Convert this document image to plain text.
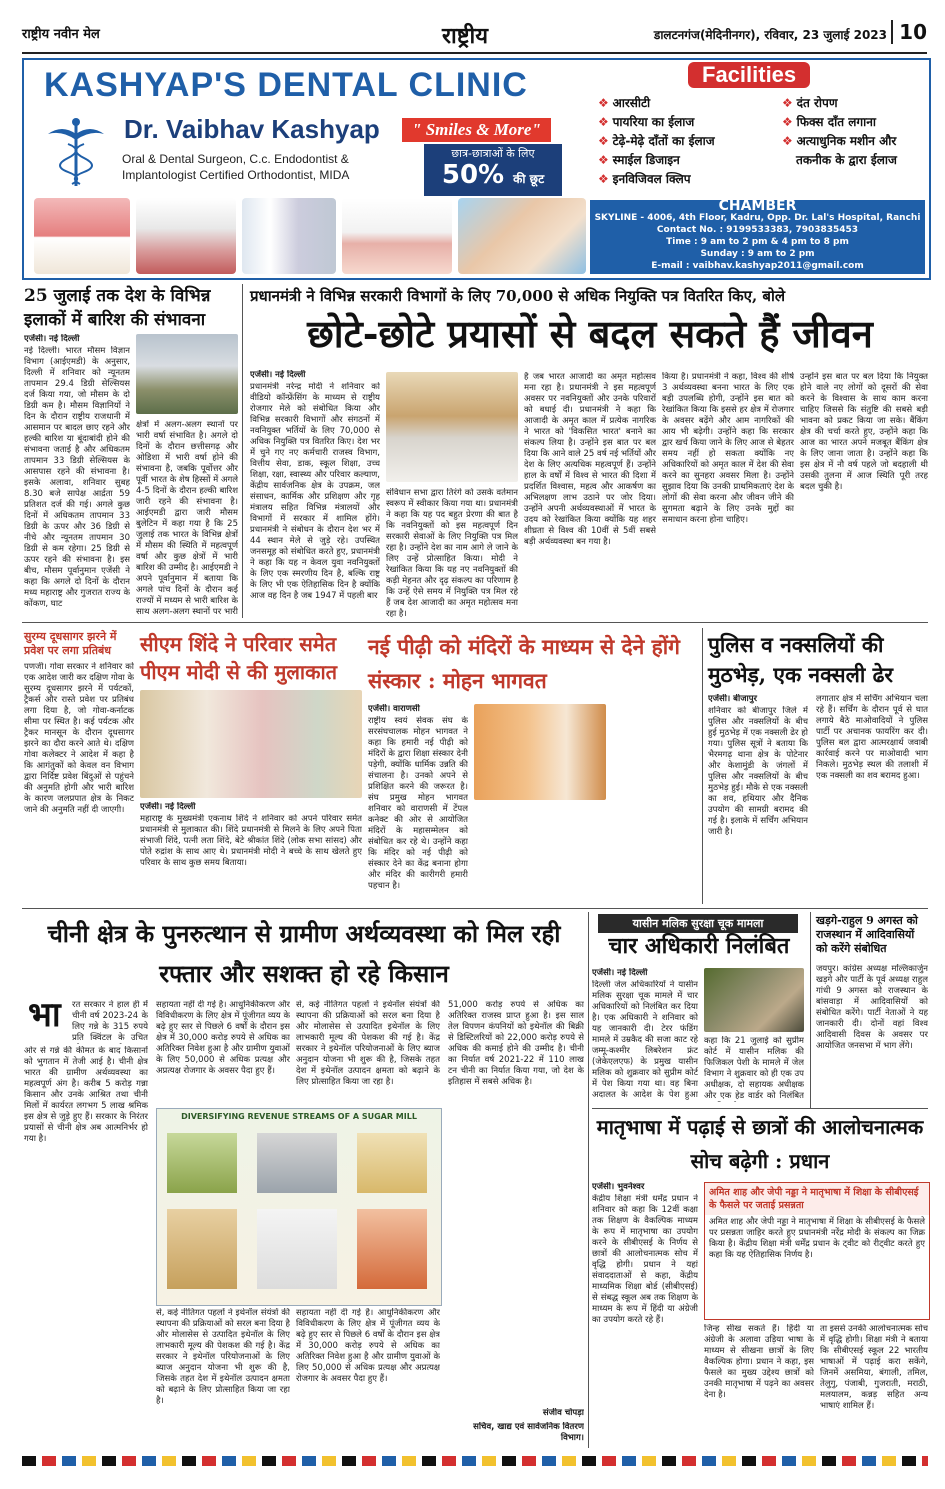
राष्ट्रीय नवीन मेल	राष्ट्रीय	डालटनगंज(मेदिनीनगर), रविवार, 23 जुलाई 2023 10
KASHYAP'S DENTAL CLINIC
Dr. Vaibhav Kashyap
Oral & Dental Surgeon, C.c. Endodontist &
Implantologist Certified Orthodontist, MIDA
" Smiles & More"
छात्र-छात्राओं के लिए
50% की छूट
Facilities
❖ आरसीटी
❖ पायरिया का ईलाज
❖ टेढ़े-मेढ़े दाँतों का ईलाज
❖ स्माईल डिजाइन
❖ इनविजिवल क्लिप
❖ दंत रोपण
❖ फिक्स दाँत लगाना
❖ अत्याधुनिक मशीन और
तकनीक के द्वारा ईलाज
CHAMBER
SKYLINE - 4006, 4th Floor, Kadru, Opp. Dr. Lal's Hospital, Ranchi
Contact No. : 9199533383, 7903835453
Time : 9 am to 2 pm & 4 pm to 8 pm
Sunday : 9 am to 2 pm
E-mail : vaibhav.kashyap2011@gmail.com
25 जुलाई तक देश के विभिन्न इलाकों में बारिश की संभावना
एजेंसी। नई दिल्ली
नई दिल्ली। भारत मौसम विज्ञान विभाग (आईएमडी) के अनुसार, दिल्ली में शनिवार को न्यूनतम तापमान 29.4 डिग्री सेल्सियस दर्ज किया गया, जो मौसम के दो डिग्री कम है। मौसम विज्ञानियों ने दिन के दौरान राष्ट्रीय राजधानी में आसमान पर बादल छाए रहने और हल्की बारिश या बूंदाबांदी होने की संभावना जताई है और अधिकतम तापमान 33 डिग्री सेल्सियस के आसपास रहने की संभावना है। इसके अलावा, शनिवार सुबह 8.30 बजे सापेक्ष आर्द्रता 59 प्रतिशत दर्ज की गई। अगले कुछ दिनों में अधिकतम तापमान 33 डिग्री के ऊपर और 36 डिग्री से नीचे और न्यूनतम तापमान 30 डिग्री से कम रहेगा। 25 डिग्री से ऊपर रहने की संभावना है। इस बीच, मौसम पूर्वानुमान एजेंसी ने कहा कि अगले दो दिनों के दौरान मध्य महाराष्ट्र और गुजरात राज्य के कोंकण, घाट
क्षेत्रों में अलग-अलग स्थानों पर भारी वर्षा संभावित है। अगले दो दिनों के दौरान छत्तीसगढ़ और ओडिशा में भारी वर्षा होने की संभावना है, जबकि पूर्वोत्तर और पूर्वी भारत के शेष हिस्सों में अगले 4-5 दिनों के दौरान हल्की बारिश जारी रहने की संभावना है। आईएमडी द्वारा जारी मौसम बुलेटिन में कहा गया है कि 25 जुलाई तक भारत के विभिन्न क्षेत्रों में मौसम की स्थिति में महत्वपूर्ण वर्षा और कुछ क्षेत्रों में भारी बारिश की उम्मीद है। आईएमडी ने अपने पूर्वानुमान में बताया कि अगले पांच दिनों के दौरान कई राज्यों में मध्यम से भारी बारिश के साथ अलग-अलग स्थानों पर भारी
प्रधानमंत्री ने विभिन्न सरकारी विभागों के लिए 70,000 से अधिक नियुक्ति पत्र वितरित किए, बोले
छोटे-छोटे प्रयासों से बदल सकते हैं जीवन
एजेंसी। नई दिल्ली
प्रधानमंत्री नरेन्द्र मोदी ने शनिवार को वीडियो कॉन्फ्रेंसिंग के माध्यम से राष्ट्रीय रोजगार मेले को संबोधित किया और विभिन्न सरकारी विभागों और संगठनों में नवनियुक्त भर्तियों के लिए 70,000 से अधिक नियुक्ति पत्र वितरित किए। देश भर में चुने गए नए कर्मचारी राजस्व विभाग, वित्तीय सेवा, डाक, स्कूल शिक्षा, उच्च शिक्षा, रक्षा, स्वास्थ्य और परिवार कल्याण, केंद्रीय सार्वजनिक क्षेत्र के उपक्रम, जल संसाधन, कार्मिक और प्रशिक्षण और गृह मंत्रालय सहित विभिन्न मंत्रालयों और विभागों में सरकार में शामिल होंगे। प्रधानमंत्री ने संबोधन के दौरान देश भर में 44 स्थान मेले से जुड़े रहे। उपस्थित जनसमूह को संबोधित करते हुए, प्रधानमंत्री ने कहा कि यह न केवल युवा नवनियुक्तों के लिए एक स्मरणीय दिन है, बल्कि राष्ट्र के लिए भी एक ऐतिहासिक दिन है क्योंकि आज वह दिन है जब 1947 में पहली बार
संविधान सभा द्वारा तिरंगे को उसके वर्तमान स्वरूप में स्वीकार किया गया था। प्रधानमंत्री ने कहा कि यह पद बहुत प्रेरणा की बात है कि नवनियुक्तों को इस महत्वपूर्ण दिन सरकारी सेवाओं के लिए नियुक्ति पत्र मिल रहा है। उन्होंने देश का नाम आगे ले जाने के लिए उन्हें प्रोत्साहित किया। मोदी ने रेखांकित किया कि यह नए नवनियुक्तों की कड़ी मेहनत और दृढ़ संकल्प का परिणाम है कि उन्हें ऐसे समय में नियुक्ति पत्र मिल रहे हैं जब देश आजादी का अमृत महोत्सव मना रहा है।
है जब भारत आजादी का अमृत महोत्सव मना रहा है। प्रधानमंत्री ने इस महत्वपूर्ण अवसर पर नवनियुक्तों और उनके परिवारों को बधाई दी। प्रधानमंत्री ने कहा कि आजादी के अमृत काल में प्रत्येक नागरिक ने भारत को 'विकसित भारत' बनाने का संकल्प लिया है। उन्होंने इस बात पर बल दिया कि आने वाले 25 वर्ष नई भर्तियों और देश के लिए अत्यधिक महत्वपूर्ण हैं। उन्होंने हाल के वर्षों में विश्व से भारत की दिशा में प्रदर्शित विश्वास, महत्व और आकर्षण का अभिलक्षण लाभ उठाने पर जोर दिया। उन्होंने अपनी अर्थव्यवस्थाओं में भारत के उदय को रेखांकित किया क्योंकि यह शहर शीघ्रता से विश्व की 10वीं से 5वीं सबसे बड़ी अर्थव्यवस्था बन गया है।
किया है। प्रधानमंत्री ने कहा, विश्व की शीर्ष 3 अर्थव्यवस्था बनना भारत के लिए एक बड़ी उपलब्धि होगी, उन्होंने इस बात को रेखांकित किया कि इससे हर क्षेत्र में रोजगार के अवसर बढ़ेंगे और आम नागरिकों की आय भी बढ़ेगी। उन्होंने कहा कि सरकार द्वार खर्च किया जाने के लिए आज से बेहतर समय नहीं हो सकता क्योंकि नए अधिकारियों को अमृत काल में देश की सेवा करने का सुनहरा अवसर मिला है। उन्होंने सुझाव दिया कि उनकी प्राथमिकताएं देश के लोगों की सेवा करना और जीवन जीने की सुगमता बढ़ाने के लिए उनके मुद्दों का समाधान करना होना चाहिए।
उन्होंने इस बात पर बल दिया कि नियुक्त होने वाले नए लोगों को दूसरों की सेवा करने के विश्वास के साथ काम करना चाहिए जिससे कि संतुष्टि की सबसे बड़ी भावना को प्रकट किया जा सके। बैंकिंग क्षेत्र की चर्चा करते हुए, उन्होंने कहा कि आज का भारत अपने मजबूत बैंकिंग क्षेत्र के लिए जाना जाता है। उन्होंने कहा कि इस क्षेत्र में नौ वर्ष पहले जो बदहाली थी उसकी तुलना में आज स्थिति पूरी तरह बदल चुकी है।
सुरम्य दूधसागर झरने में प्रवेश पर लगा प्रतिबंध
पणजी। गोवा सरकार ने शनिवार को एक आदेश जारी कर दक्षिण गोवा के सुरम्य दूधसागर झरने में पर्यटकों, ट्रैकर्स और रास्ते प्रवेश पर प्रतिबंध लगा दिया है, जो गोवा-कर्नाटक सीमा पर स्थित है। कई पर्यटक और ट्रैकर मानसून के दौरान दूधसागर झरने का दौरा करने आते थे। दक्षिण गोवा कलेक्टर ने आदेश में कहा है कि आगंतुकों को केवल वन विभाग द्वारा निर्दिष्ट प्रवेश बिंदुओं से पहुंचने की अनुमति होगी और भारी बारिश के कारण जलप्रपात क्षेत्र के निकट जाने की अनुमति नहीं दी जाएगी।
सीएम शिंदे ने परिवार समेत पीएम मोदी से की मुलाकात
एजेंसी। नई दिल्ली
महाराष्ट्र के मुख्यमंत्री एकनाथ शिंदे ने शनिवार को अपने परिवार समेत प्रधानमंत्री से मुलाकात की। शिंदे प्रधानमंत्री से मिलने के लिए अपने पिता संभाजी शिंदे, पत्नी लता शिंदे, बेटे श्रीकांत शिंदे (लोक सभा सांसद) और पोते रुद्रांश के साथ आए थे। प्रधानमंत्री मोदी ने बच्चे के साथ खेलते हुए परिवार के साथ कुछ समय बिताया।
नई पीढ़ी को मंदिरों के माध्यम से देने होंगे संस्कार : मोहन भागवत
एजेंसी। वाराणसी
राष्ट्रीय स्वयं सेवक संघ के सरसंघचालक मोहन भागवत ने कहा कि हमारी नई पीढ़ी को मंदिरों के द्वारा शिक्षा संस्कार देनी पड़ेगी, क्योंकि धार्मिक उन्नति की संचालना है। उनको अपने से प्रशिक्षित करने की जरूरत है। संघ प्रमुख मोहन भागवत शनिवार को वाराणसी में टेंपल कनेक्ट की ओर से आयोजित मंदिरों के महासम्मेलन को संबोधित कर रहे थे। उन्होंने कहा कि मंदिर को नई पीढ़ी को संस्कार देने का केंद्र बनाना होगा और मंदिर की कारीगरी हमारी पहचान है।
पुलिस व नक्सलियों की मुठभेड़, एक नक्सली ढेर
एजेंसी। बीजापुर
शनिवार को बीजापुर जिले में पुलिस और नक्सलियों के बीच हुई मुठभेड़ में एक नक्सली ढेर हो गया। पुलिस सूत्रों ने बताया कि भैरमगढ़ थाना क्षेत्र के पोटेनार और केशामुंडी के जंगलों में पुलिस और नक्सलियों के बीच मुठभेड़ हुई। मौके से एक नक्सली का शव, हथियार और दैनिक उपयोग की सामग्री बरामद की गई है। इलाके में सर्चिंग अभियान जारी है।
लगातार क्षेत्र में सर्चिंग अभियान चला रहे हैं। सर्चिंग के दौरान पूर्व से घात लगाये बैठे माओवादियों ने पुलिस पार्टी पर अचानक फायरिंग कर दी। पुलिस बल द्वारा आत्मरक्षार्थ जवाबी कार्रवाई करने पर माओवादी भाग निकले। मुठभेड़ स्थल की तलाशी में एक नक्सली का शव बरामद हुआ।
चीनी क्षेत्र के पुनरुत्थान से ग्रामीण अर्थव्यवस्था को मिल रही रफ्तार और सशक्त हो रहे किसान
भा रत सरकार ने हाल ही में चीनी वर्ष 2023-24 के लिए गन्ने के 315 रुपये प्रति क्विंटल के उचित
ओर से गन्ने की कीमत के बाद किसानों को भुगतान में तेजी आई है। चीनी क्षेत्र भारत की ग्रामीण अर्थव्यवस्था का महत्वपूर्ण अंग है। करीब 5 करोड़ गन्ना किसान और उनके आश्रित तथा चीनी मिलों में कार्यरत लगभग 5 लाख श्रमिक इस क्षेत्र से जुड़े हुए हैं। सरकार के निरंतर प्रयासों से चीनी क्षेत्र अब आत्मनिर्भर हो गया है।
सहायता नहीं दी गई है। आधुनिकीकरण और विविधीकरण के लिए क्षेत्र में पूंजीगत व्यय के बढ़े हुए स्तर से पिछले 6 वर्षों के दौरान इस क्षेत्र में 30,000 करोड़ रुपये से अधिक का अतिरिक्त निवेश हुआ है और ग्रामीण युवाओं के लिए 50,000 से अधिक प्रत्यक्ष और अप्रत्यक्ष रोजगार के अवसर पैदा हुए हैं।
से, कई नीतिगत पहलों ने इथेनॉल संयंत्रों की स्थापना की प्रक्रियाओं को सरल बना दिया है और मोलासेस से उत्पादित इथेनॉल के लिए लाभकारी मूल्य की पेशकश की गई है। केंद्र सरकार ने इथेनॉल परियोजनाओं के लिए ब्याज अनुदान योजना भी शुरू की है, जिसके तहत देश में इथेनॉल उत्पादन क्षमता को बढ़ाने के लिए प्रोत्साहित किया जा रहा है।
DIVERSIFYING REVENUE STREAMS OF A SUGAR MILL
से, कई नीतिगत पहलों ने इथेनॉल संयंत्रों की स्थापना की प्रक्रियाओं को सरल बना दिया है और मोलासेस से उत्पादित इथेनॉल के लिए लाभकारी मूल्य की पेशकश की गई है। केंद्र सरकार ने इथेनॉल परियोजनाओं के लिए ब्याज अनुदान योजना भी शुरू की है, जिसके तहत देश में इथेनॉल उत्पादन क्षमता को बढ़ाने के लिए प्रोत्साहित किया जा रहा है।
सहायता नहीं दी गई है। आधुनिकीकरण और विविधीकरण के लिए क्षेत्र में पूंजीगत व्यय के बढ़े हुए स्तर से पिछले 6 वर्षों के दौरान इस क्षेत्र में 30,000 करोड़ रुपये से अधिक का अतिरिक्त निवेश हुआ है और ग्रामीण युवाओं के लिए 50,000 से अधिक प्रत्यक्ष और अप्रत्यक्ष रोजगार के अवसर पैदा हुए हैं।
51,000 करोड़ रुपये से अधिक का अतिरिक्त राजस्व प्राप्त हुआ है। इस साल तेल विपणन कंपनियों को इथेनॉल की बिक्री से डिस्टिलरियों को 22,000 करोड़ रुपये से अधिक की कमाई होने की उम्मीद है। चीनी का निर्यात वर्ष 2021-22 में 110 लाख टन चीनी का निर्यात किया गया, जो देश के इतिहास में सबसे अधिक है।
संजीव चोपड़ा
सचिव, खाद्य एवं सार्वजनिक वितरण विभाग।
यासीन मलिक सुरक्षा चूक मामला
चार अधिकारी निलंबित
एजेंसी। नई दिल्ली
दिल्ली जेल अधिकारियों ने यासीन मलिक सुरक्षा चूक मामले में चार अधिकारियों को निलंबित कर दिया है। एक अधिकारी ने शनिवार को यह जानकारी दी। टेरर फंडिंग मामले में उम्रकैद की सजा काट रहे जम्मू-कश्मीर लिबरेशन फ्रंट (जेकेएलएफ) के प्रमुख यासीन मलिक को शुक्रवार को सुप्रीम कोर्ट में पेश किया गया था। वह बिना अदालत के आदेश के पेश हुआ
कहा कि 21 जुलाई को सुप्रीम कोर्ट में यासीन मलिक की फिजिकल पेशी के मामले में जेल विभाग ने शुक्रवार को ही एक उप अधीक्षक, दो सहायक अधीक्षक और एक हेड वार्डर को निलंबित
खड़गे-राहुल 9 अगस्त को राजस्थान में आदिवासियों को करेंगे संबोधित
जयपुर। कांग्रेस अध्यक्ष मल्लिकार्जुन खड़गे और पार्टी के पूर्व अध्यक्ष राहुल गांधी 9 अगस्त को राजस्थान के बांसवाड़ा में आदिवासियों को संबोधित करेंगे। पार्टी नेताओं ने यह जानकारी दी। दोनों वहां विश्व आदिवासी दिवस के अवसर पर आयोजित जनसभा में भाग लेंगे।
मातृभाषा में पढ़ाई से छात्रों की आलोचनात्मक सोच बढ़ेगी : प्रधान
एजेंसी। भुवनेश्वर
केंद्रीय शिक्षा मंत्री धर्मेंद्र प्रधान ने शनिवार को कहा कि 12वीं कक्षा तक शिक्षण के वैकल्पिक माध्यम के रूप में मातृभाषा का उपयोग करने के सीबीएसई के निर्णय से छात्रों की आलोचनात्मक सोच में वृद्धि होगी। प्रधान ने यहां संवाददाताओं से कहा, केंद्रीय माध्यमिक शिक्षा बोर्ड (सीबीएसई) से संबद्ध स्कूल अब तक शिक्षण के माध्यम के रूप में हिंदी या अंग्रेजी का उपयोग करते रहे हैं।
अमित शाह और जेपी नड्डा ने मातृभाषा में शिक्षा के सीबीएसई के फैसले पर जताई प्रसन्नता
अमित शाह और जेपी नड्डा ने मातृभाषा में शिक्षा के सीबीएसई के फैसले पर प्रसन्नता जाहिर करते हुए प्रधानमंत्री नरेंद्र मोदी के संकल्प का जिक्र किया है। केंद्रीय शिक्षा मंत्री धर्मेंद्र प्रधान के ट्वीट को रीट्वीट करते हुए कहा कि यह ऐतिहासिक निर्णय है।
जिन्ह सीख सकते हैं। हिंदी या अंग्रेजी के अलावा उड़िया भाषा के माध्यम से सीखना छात्रों के लिए वैकल्पिक होगा। प्रधान ने कहा, इस फैसले का मुख्य उद्देश्य छात्रों को उनकी मातृभाषा में पढ़ने का अवसर देना है।
ता इससे उनकी आलोचनात्मक सोच में वृद्धि होगी। शिक्षा मंत्री ने बताया कि सीबीएसई स्कूल 22 भारतीय भाषाओं में पढ़ाई करा सकेंगे, जिनमें असमिया, बंगाली, तमिल, तेलुगु, पंजाबी, गुजराती, मराठी, मलयालम, कन्नड़ सहित अन्य भाषाएं शामिल हैं।
